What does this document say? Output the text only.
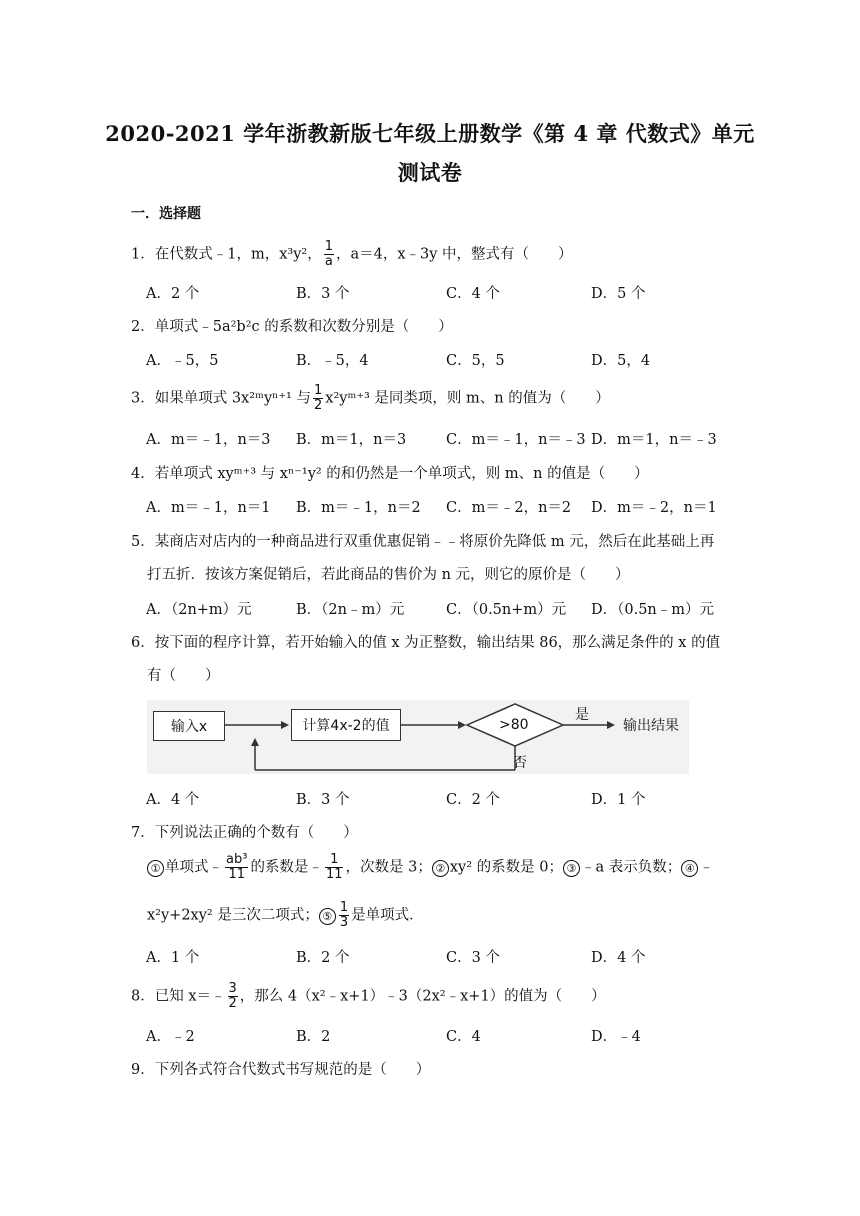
2020-2021 学年浙教新版七年级上册数学《第 4 章 代数式》单元
测试卷
一．选择题
1．在代数式﹣1，m，x³y²， $\frac{1}{a}$ ，a＝4，x﹣3y 中，整式有（　　）
A．2 个	B．3 个	C．4 个	D．5 个
2．单项式﹣5a²b²c 的系数和次数分别是（　　）
A．﹣5，5	B．﹣5，4	C．5，5	D．5，4
3．如果单项式 3x²ᵐyⁿ⁺¹ 与 $\frac{1}{2}$ x²yᵐ⁺³ 是同类项，则 m、n 的值为（　　）
A．m＝﹣1，n＝3 B．m＝1，n＝3	C．m＝﹣1，n＝﹣3 D．m＝1，n＝﹣3
4．若单项式 xyᵐ⁺³ 与 xⁿ⁻¹y² 的和仍然是一个单项式，则 m、n 的值是（　　）
A．m＝﹣1，n＝1 B．m＝﹣1，n＝2 C．m＝﹣2，n＝2 D．m＝﹣2，n＝1
5．某商店对店内的一种商品进行双重优惠促销﹣﹣将原价先降低 m 元，然后在此基础上再
打五折．按该方案促销后，若此商品的售价为 n 元，则它的原价是（　　）
A．（2n+m）元	B．（2n﹣m）元	C．（0.5n+m）元 D．（0.5n﹣m）元
6．按下面的程序计算，若开始输入的值 x 为正整数，输出结果 86，那么满足条件的 x 的值
有（　　）
输入x	计算4x-2的值	>80
是
输出结果
否
A．4 个	B．3 个	C．2 个	D．1 个
7．下列说法正确的个数有（　　）
① 单项式﹣ $\frac{\text{ab³}}{11}$ 的系数是﹣ $\frac{1}{11}$ ，次数是 3； ② xy² 的系数是 0； ③ ﹣a 表示负数； ④ ﹣
x²y+2xy² 是三次二项式； ⑤ $\frac{1}{3}$ 是单项式．
A．1 个	B．2 个	C．3 个	D．4 个
8．已知 x＝﹣ $\frac{3}{2}$ ，那么 4（x²﹣x+1）﹣3（2x²﹣x+1）的值为（　　）
A．﹣2	B．2	C．4	D．﹣4
9．下列各式符合代数式书写规范的是（　　）
